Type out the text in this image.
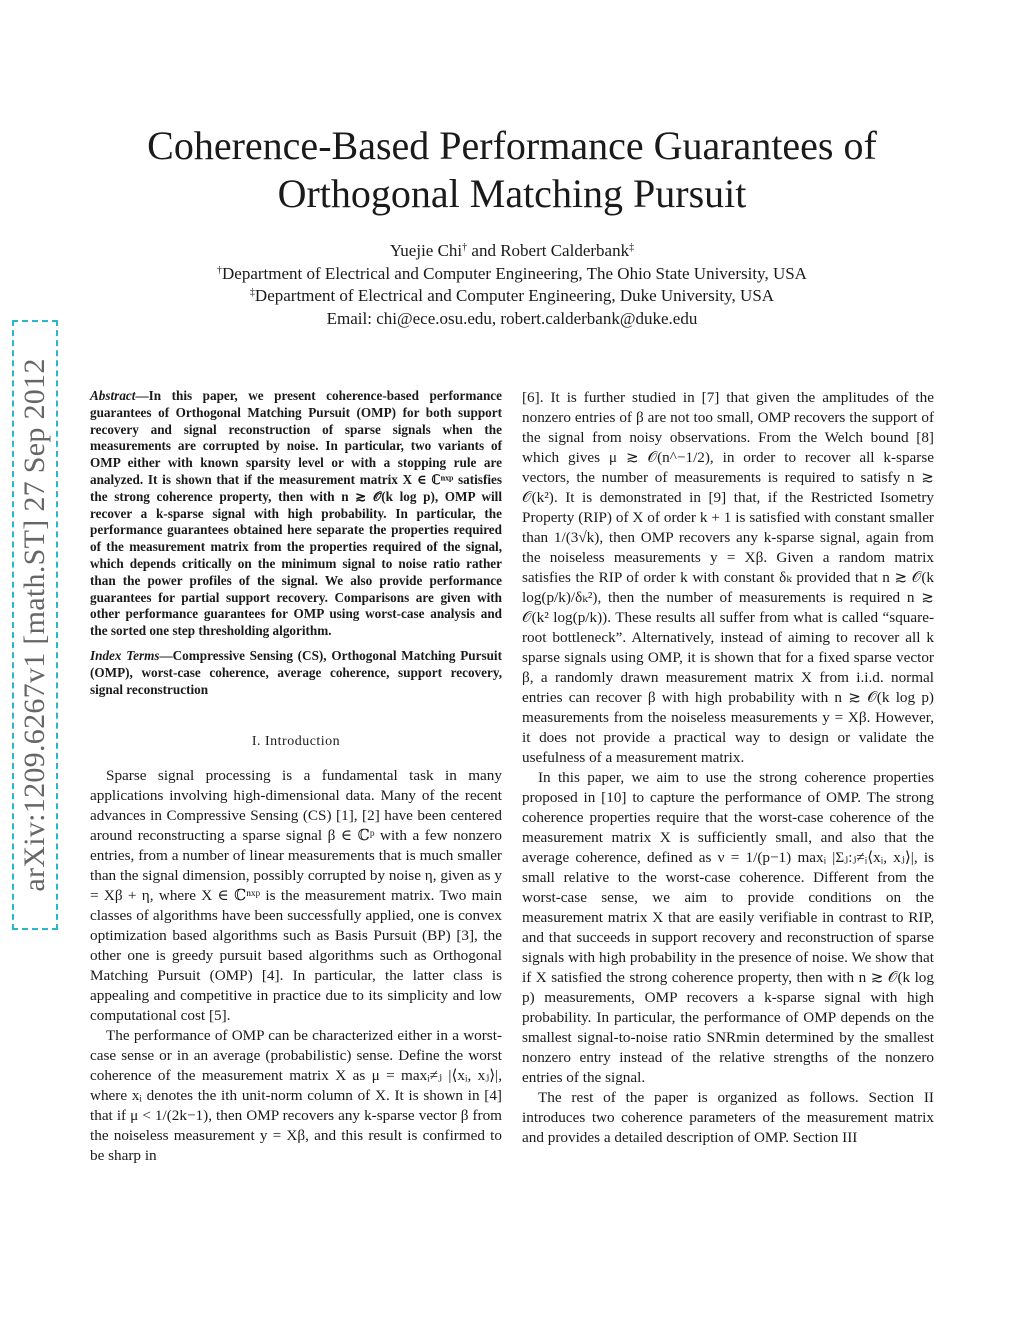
arXiv:1209.6267v1 [math.ST] 27 Sep 2012
Coherence-Based Performance Guarantees of
Orthogonal Matching Pursuit
Yuejie Chi† and Robert Calderbank‡
†Department of Electrical and Computer Engineering, The Ohio State University, USA
‡Department of Electrical and Computer Engineering, Duke University, USA
Email: chi@ece.osu.edu, robert.calderbank@duke.edu
Abstract—In this paper, we present coherence-based performance guarantees of Orthogonal Matching Pursuit (OMP) for both support recovery and signal reconstruction of sparse signals when the measurements are corrupted by noise. In particular, two variants of OMP either with known sparsity level or with a stopping rule are analyzed. It is shown that if the measurement matrix X ∈ ℂⁿˣᵖ satisfies the strong coherence property, then with n ≳ 𝒪(k log p), OMP will recover a k-sparse signal with high probability. In particular, the performance guarantees obtained here separate the properties required of the measurement matrix from the properties required of the signal, which depends critically on the minimum signal to noise ratio rather than the power profiles of the signal. We also provide performance guarantees for partial support recovery. Comparisons are given with other performance guarantees for OMP using worst-case analysis and the sorted one step thresholding algorithm.
Index Terms—Compressive Sensing (CS), Orthogonal Matching Pursuit (OMP), worst-case coherence, average coherence, support recovery, signal reconstruction
I. Introduction

Sparse signal processing is a fundamental task in many applications involving high-dimensional data. Many of the recent advances in Compressive Sensing (CS) [1], [2] have been centered around reconstructing a sparse signal β ∈ ℂᵖ with a few nonzero entries, from a number of linear measurements that is much smaller than the signal dimension, possibly corrupted by noise η, given as y = Xβ + η, where X ∈ ℂⁿˣᵖ is the measurement matrix. Two main classes of algorithms have been successfully applied, one is convex optimization based algorithms such as Basis Pursuit (BP) [3], the other one is greedy pursuit based algorithms such as Orthogonal Matching Pursuit (OMP) [4]. In particular, the latter class is appealing and competitive in practice due to its simplicity and low computational cost [5].

The performance of OMP can be characterized either in a worst-case sense or in an average (probabilistic) sense. Define the worst coherence of the measurement matrix X as μ = maxᵢ≠ⱼ |⟨xᵢ, xⱼ⟩|, where xᵢ denotes the ith unit-norm column of X. It is shown in [4] that if μ < 1/(2k−1), then OMP recovers any k-sparse vector β from the noiseless measurement y = Xβ, and this result is confirmed to be sharp in

[6]. It is further studied in [7] that given the amplitudes of the nonzero entries of β are not too small, OMP recovers the support of the signal from noisy observations. From the Welch bound [8] which gives μ ≳ 𝒪(n^−1/2), in order to recover all k-sparse vectors, the number of measurements is required to satisfy n ≳ 𝒪(k²). It is demonstrated in [9] that, if the Restricted Isometry Property (RIP) of X of order k + 1 is satisfied with constant smaller than 1/(3√k), then OMP recovers any k-sparse signal, again from the noiseless measurements y = Xβ. Given a random matrix satisfies the RIP of order k with constant δₖ provided that n ≳ 𝒪(k log(p/k)/δₖ²), then the number of measurements is required n ≳ 𝒪(k² log(p/k)). These results all suffer from what is called “square-root bottleneck”. Alternatively, instead of aiming to recover all k sparse signals using OMP, it is shown that for a fixed sparse vector β, a randomly drawn measurement matrix X from i.i.d. normal entries can recover β with high probability with n ≳ 𝒪(k log p) measurements from the noiseless measurements y = Xβ. However, it does not provide a practical way to design or validate the usefulness of a measurement matrix.

In this paper, we aim to use the strong coherence properties proposed in [10] to capture the performance of OMP. The strong coherence properties require that the worst-case coherence of the measurement matrix X is sufficiently small, and also that the average coherence, defined as ν = 1/(p−1) maxᵢ |Σⱼ:ⱼ≠ᵢ⟨xᵢ, xⱼ⟩|, is small relative to the worst-case coherence. Different from the worst-case sense, we aim to provide conditions on the measurement matrix X that are easily verifiable in contrast to RIP, and that succeeds in support recovery and reconstruction of sparse signals with high probability in the presence of noise. We show that if X satisfied the strong coherence property, then with n ≳ 𝒪(k log p) measurements, OMP recovers a k-sparse signal with high probability. In particular, the performance of OMP depends on the smallest signal-to-noise ratio SNRmin determined by the smallest nonzero entry instead of the relative strengths of the nonzero entries of the signal.

The rest of the paper is organized as follows. Section II introduces two coherence parameters of the measurement matrix and provides a detailed description of OMP. Section III
